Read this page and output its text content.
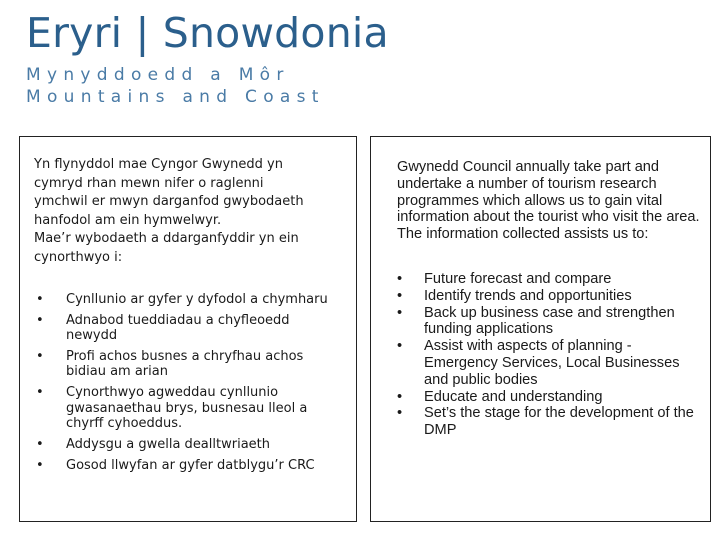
Eryri | Snowdonia
Mynyddoedd a Môr
Mountains and Coast

Yn flynyddol mae Cyngor Gwynedd yn

cymryd rhan mewn nifer o raglenni

ymchwil er mwyn darganfod gwybodaeth

hanfodol am ein hymwelwyr.

Mae’r wybodaeth a ddarganfyddir yn ein

cynorthwyo i:

• Cynllunio ar gyfer y dyfodol a chymharu
• Adnabod tueddiadau a chyfleoedd newydd
• Profi achos busnes a chryfhau achos bidiau am arian
• Cynorthwyo agweddau cynllunio gwasanaethau brys, busnesau lleol a chyrff cyhoeddus.
• Addysgu a gwella dealltwriaeth
• Gosod llwyfan ar gyfer datblygu’r CRC
Gwynedd Council annually take part and undertake a number of tourism research programmes which allows us to gain vital information about the tourist who visit the area. The information collected assists us to:
• Future forecast and compare
• Identify trends and opportunities
• Back up business case and strengthen funding applications
• Assist with aspects of planning - Emergency Services, Local Businesses and public bodies
• Educate and understanding
• Set’s the stage for the development of the DMP
